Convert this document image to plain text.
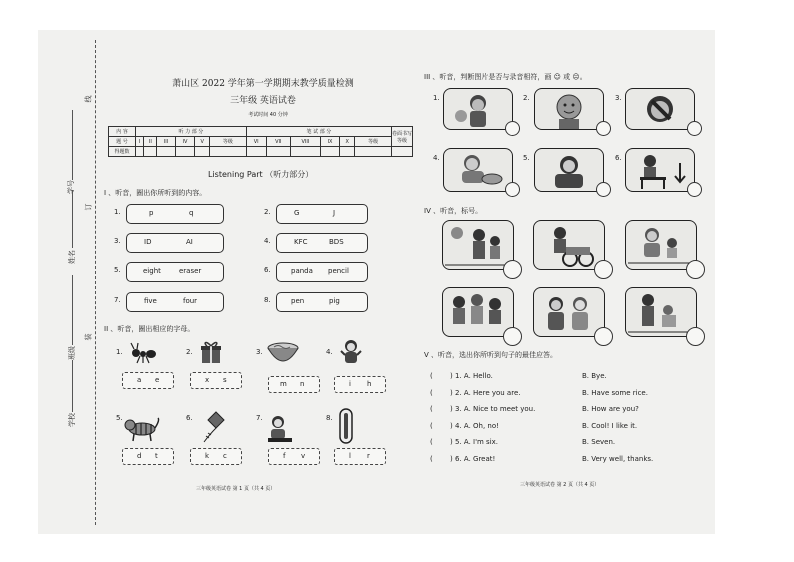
线
学号
订
姓名
班级
装
学校
萧山区 2022 学年第一学期期末教学质量检测
三年级 英语试卷
考试时间 40 分钟
内 容	听 力 部 分						笔 试 部 分						卷面书写等级
题 号	I	II	III	IV	V	等级	VI	VII	VIII	IX	X	等级	
得题数													
Listening Part （听力部分）
I 、听音，圈出你所听到的内容。
1.	p	q
3.	ID	AI
5.	eight	eraser
7.	five	four
2.	G	J
4.	KFC	BDS
6.	panda pencil
8.	pen	pig
II 、听音，圈出相应的字母。
1.	2.	3.	4.
a e	x s	m n	i h
5.	6.	7.	8.
d t	k c	f v	l r
三年级英语试卷 第 1 页（共 4 页）
III 、听音，判断图片是否与录音相符，画 ☺ 或 ☹。
1.	2.	3.
4.	5.	6.
IV 、听音，标号。
V 、听音，选出你所听到句子的最佳应答。
( ) 1. A. Hello.	B. Bye.
( ) 2. A. Here you are.	B. Have some rice.
( ) 3. A. Nice to meet you.	B. How are you?
( ) 4. A. Oh, no!	B. Cool! I like it.
( ) 5. A. I'm six.	B. Seven.
( ) 6. A. Great!	B. Very well, thanks.
三年级英语试卷 第 2 页（共 4 页）
